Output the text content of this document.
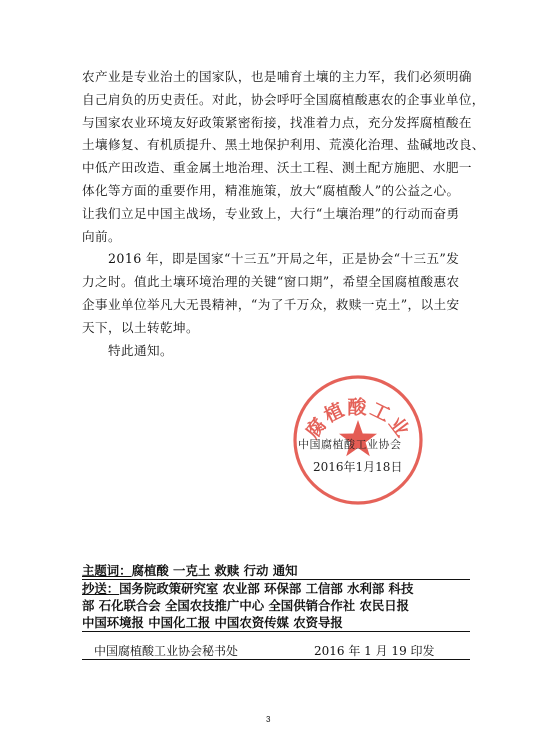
农产业是专业治土的国家队，也是哺育土壤的主力军，我们必须明确
自己肩负的历史责任。对此，协会呼吁全国腐植酸惠农的企事业单位，
与国家农业环境友好政策紧密衔接，找准着力点，充分发挥腐植酸在
土壤修复、有机质提升、黑土地保护利用、荒漠化治理、盐碱地改良、
中低产田改造、重金属土地治理、沃土工程、测土配方施肥、水肥一
体化等方面的重要作用，精准施策，放大“腐植酸人”的公益之心。
让我们立足中国主战场，专业致上，大行“土壤治理”的行动而奋勇
向前。
2016 年，即是国家“十三五”开局之年，正是协会“十三五”发
力之时。值此土壤环境治理的关键“窗口期”，希望全国腐植酸惠农
企事业单位举凡大无畏精神，“为了千万众，救赎一克土”，以土安
天下，以土转乾坤。
特此通知。
腐植酸工业
中国腐植酸工业协会
2016年1月18日
主题词：腐植酸 一克土 救赎 行动 通知
抄送：国务院政策研究室 农业部 环保部 工信部 水利部 科技
部 石化联合会 全国农技推广中心 全国供销合作社 农民日报
中国环境报 中国化工报 中国农资传媒 农资导报
中国腐植酸工业协会秘书处	2016 年 1 月 19 印发
3
